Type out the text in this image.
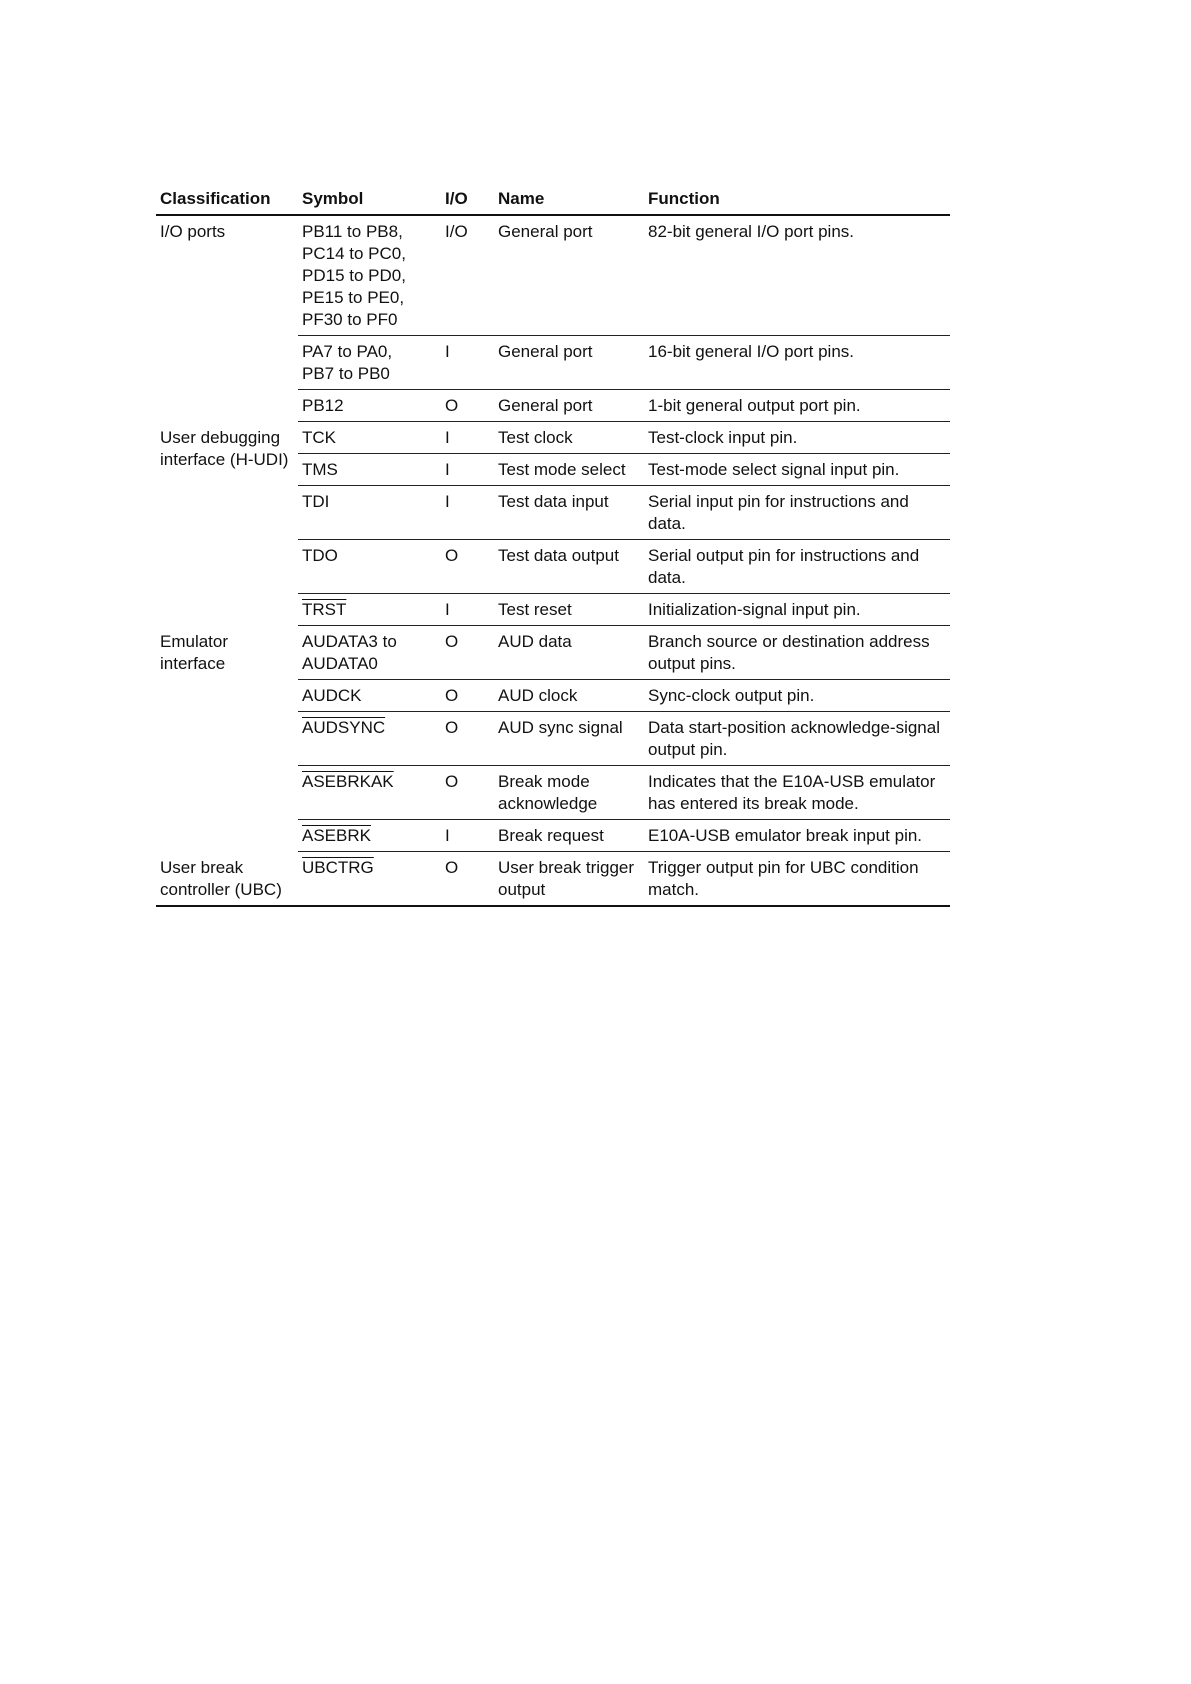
Classification	Symbol	I/O	Name	Function
I/O ports	PB11 to PB8,
PC14 to PC0,
PD15 to PD0,
PE15 to PE0,
PF30 to PF0	I/O	General port	82-bit general I/O port pins.

	PA7 to PA0,
PB7 to PB0	I	General port	16-bit general I/O port pins.

	PB12	O	General port	1-bit general output port pin.
User debugging interface (H-UDI)	TCK	I	Test clock	Test-clock input pin.

	TMS	I	Test mode select	Test-mode select signal input pin.

	TDI	I	Test data input	Serial input pin for instructions and data.

	TDO	O	Test data output	Serial output pin for instructions and data.

	TRST	I	Test reset	Initialization-signal input pin.
Emulator interface	AUDATA3 to
AUDATA0	O	AUD data	Branch source or destination address output pins.

	AUDCK	O	AUD clock	Sync-clock output pin.

	AUDSYNC	O	AUD sync signal	Data start-position acknowledge-signal output pin.

	ASEBRKAK	O	Break mode acknowledge	Indicates that the E10A-USB emulator has entered its break mode.

	ASEBRK	I	Break request	E10A-USB emulator break input pin.
User break controller (UBC)	UBCTRG	O	User break trigger output	Trigger output pin for UBC condition match.
